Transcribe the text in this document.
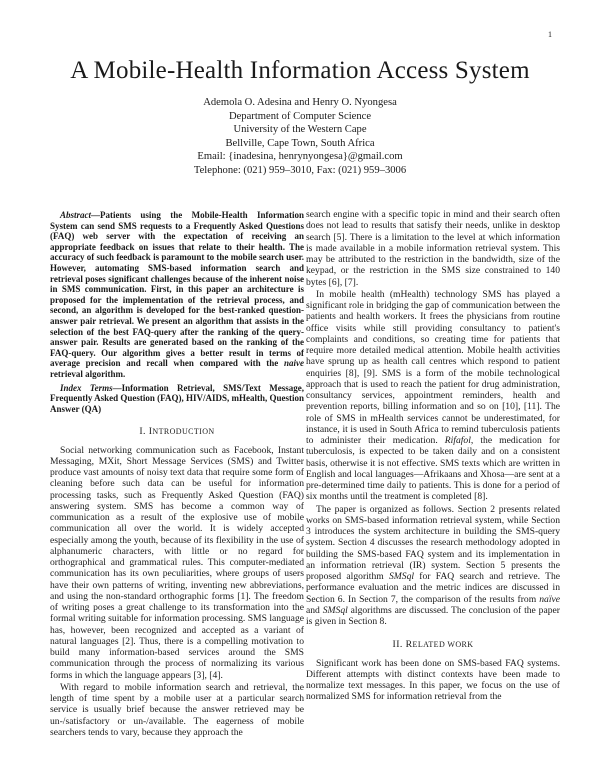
1
A Mobile-Health Information Access System
Ademola O. Adesina and Henry O. Nyongesa
Department of Computer Science
University of the Western Cape
Bellville, Cape Town, South Africa
Email: {inadesina, henrynyongesa}@gmail.com
Telephone: (021) 959–3010, Fax: (021) 959–3006

Abstract—Patients using the Mobile-Health Information System can send SMS requests to a Frequently Asked Questions (FAQ) web server with the expectation of receiving an appropriate feedback on issues that relate to their health. The accuracy of such feedback is paramount to the mobile search user. However, automating SMS-based information search and retrieval poses significant challenges because of the inherent noise in SMS communication. First, in this paper an architecture is proposed for the implementation of the retrieval process, and second, an algorithm is developed for the best-ranked question-answer pair retrieval. We present an algorithm that assists in the selection of the best FAQ-query after the ranking of the query-answer pair. Results are generated based on the ranking of the FAQ-query. Our algorithm gives a better result in terms of average precision and recall when compared with the naive retrieval algorithm.

Index Terms—Information Retrieval, SMS/Text Message, Frequently Asked Question (FAQ), HIV/AIDS, mHealth, Question Answer (QA)

I. INTRODUCTION

Social networking communication such as Facebook, Instant Messaging, MXit, Short Message Services (SMS) and Twitter produce vast amounts of noisy text data that require some form of cleaning before such data can be useful for information processing tasks, such as Frequently Asked Question (FAQ) answering system. SMS has become a common way of communication as a result of the explosive use of mobile communication all over the world. It is widely accepted especially among the youth, because of its flexibility in the use of alphanumeric characters, with little or no regard for orthographical and grammatical rules. This computer-mediated communication has its own peculiarities, where groups of users have their own patterns of writing, inventing new abbreviations, and using the non-standard orthographic forms [1]. The freedom of writing poses a great challenge to its transformation into the formal writing suitable for information processing. SMS language has, however, been recognized and accepted as a variant of natural languages [2]. Thus, there is a compelling motivation to build many information-based services around the SMS communication through the process of normalizing its various forms in which the language appears [3], [4].

With regard to mobile information search and retrieval, the length of time spent by a mobile user at a particular search service is usually brief because the answer retrieved may be un-/satisfactory or un-/available. The eagerness of mobile searchers tends to vary, because they approach the

search engine with a specific topic in mind and their search often does not lead to results that satisfy their needs, unlike in desktop search [5]. There is a limitation to the level at which information is made available in a mobile information retrieval system. This may be attributed to the restriction in the bandwidth, size of the keypad, or the restriction in the SMS size constrained to 140 bytes [6], [7].

In mobile health (mHealth) technology SMS has played a significant role in bridging the gap of communication between the patients and health workers. It frees the physicians from routine office visits while still providing consultancy to patient's complaints and conditions, so creating time for patients that require more detailed medical attention. Mobile health activities have sprung up as health call centres which respond to patient enquiries [8], [9]. SMS is a form of the mobile technological approach that is used to reach the patient for drug administration, consultancy services, appointment reminders, health and prevention reports, billing information and so on [10], [11]. The role of SMS in mHealth services cannot be underestimated, for instance, it is used in South Africa to remind tuberculosis patients to administer their medication. Rifafol, the medication for tuberculosis, is expected to be taken daily and on a consistent basis, otherwise it is not effective. SMS texts which are written in English and local languages—Afrikaans and Xhosa—are sent at a pre-determined time daily to patients. This is done for a period of six months until the treatment is completed [8].

The paper is organized as follows. Section 2 presents related works on SMS-based information retrieval system, while Section 3 introduces the system architecture in building the SMS-query system. Section 4 discusses the research methodology adopted in building the SMS-based FAQ system and its implementation in an information retrieval (IR) system. Section 5 presents the proposed algorithm SMSql for FAQ search and retrieve. The performance evaluation and the metric indices are discussed in Section 6. In Section 7, the comparison of the results from naïve and SMSql algorithms are discussed. The conclusion of the paper is given in Section 8.

II. RELATED WORK

Significant work has been done on SMS-based FAQ systems. Different attempts with distinct contexts have been made to normalize text messages. In this paper, we focus on the use of normalized SMS for information retrieval from the
